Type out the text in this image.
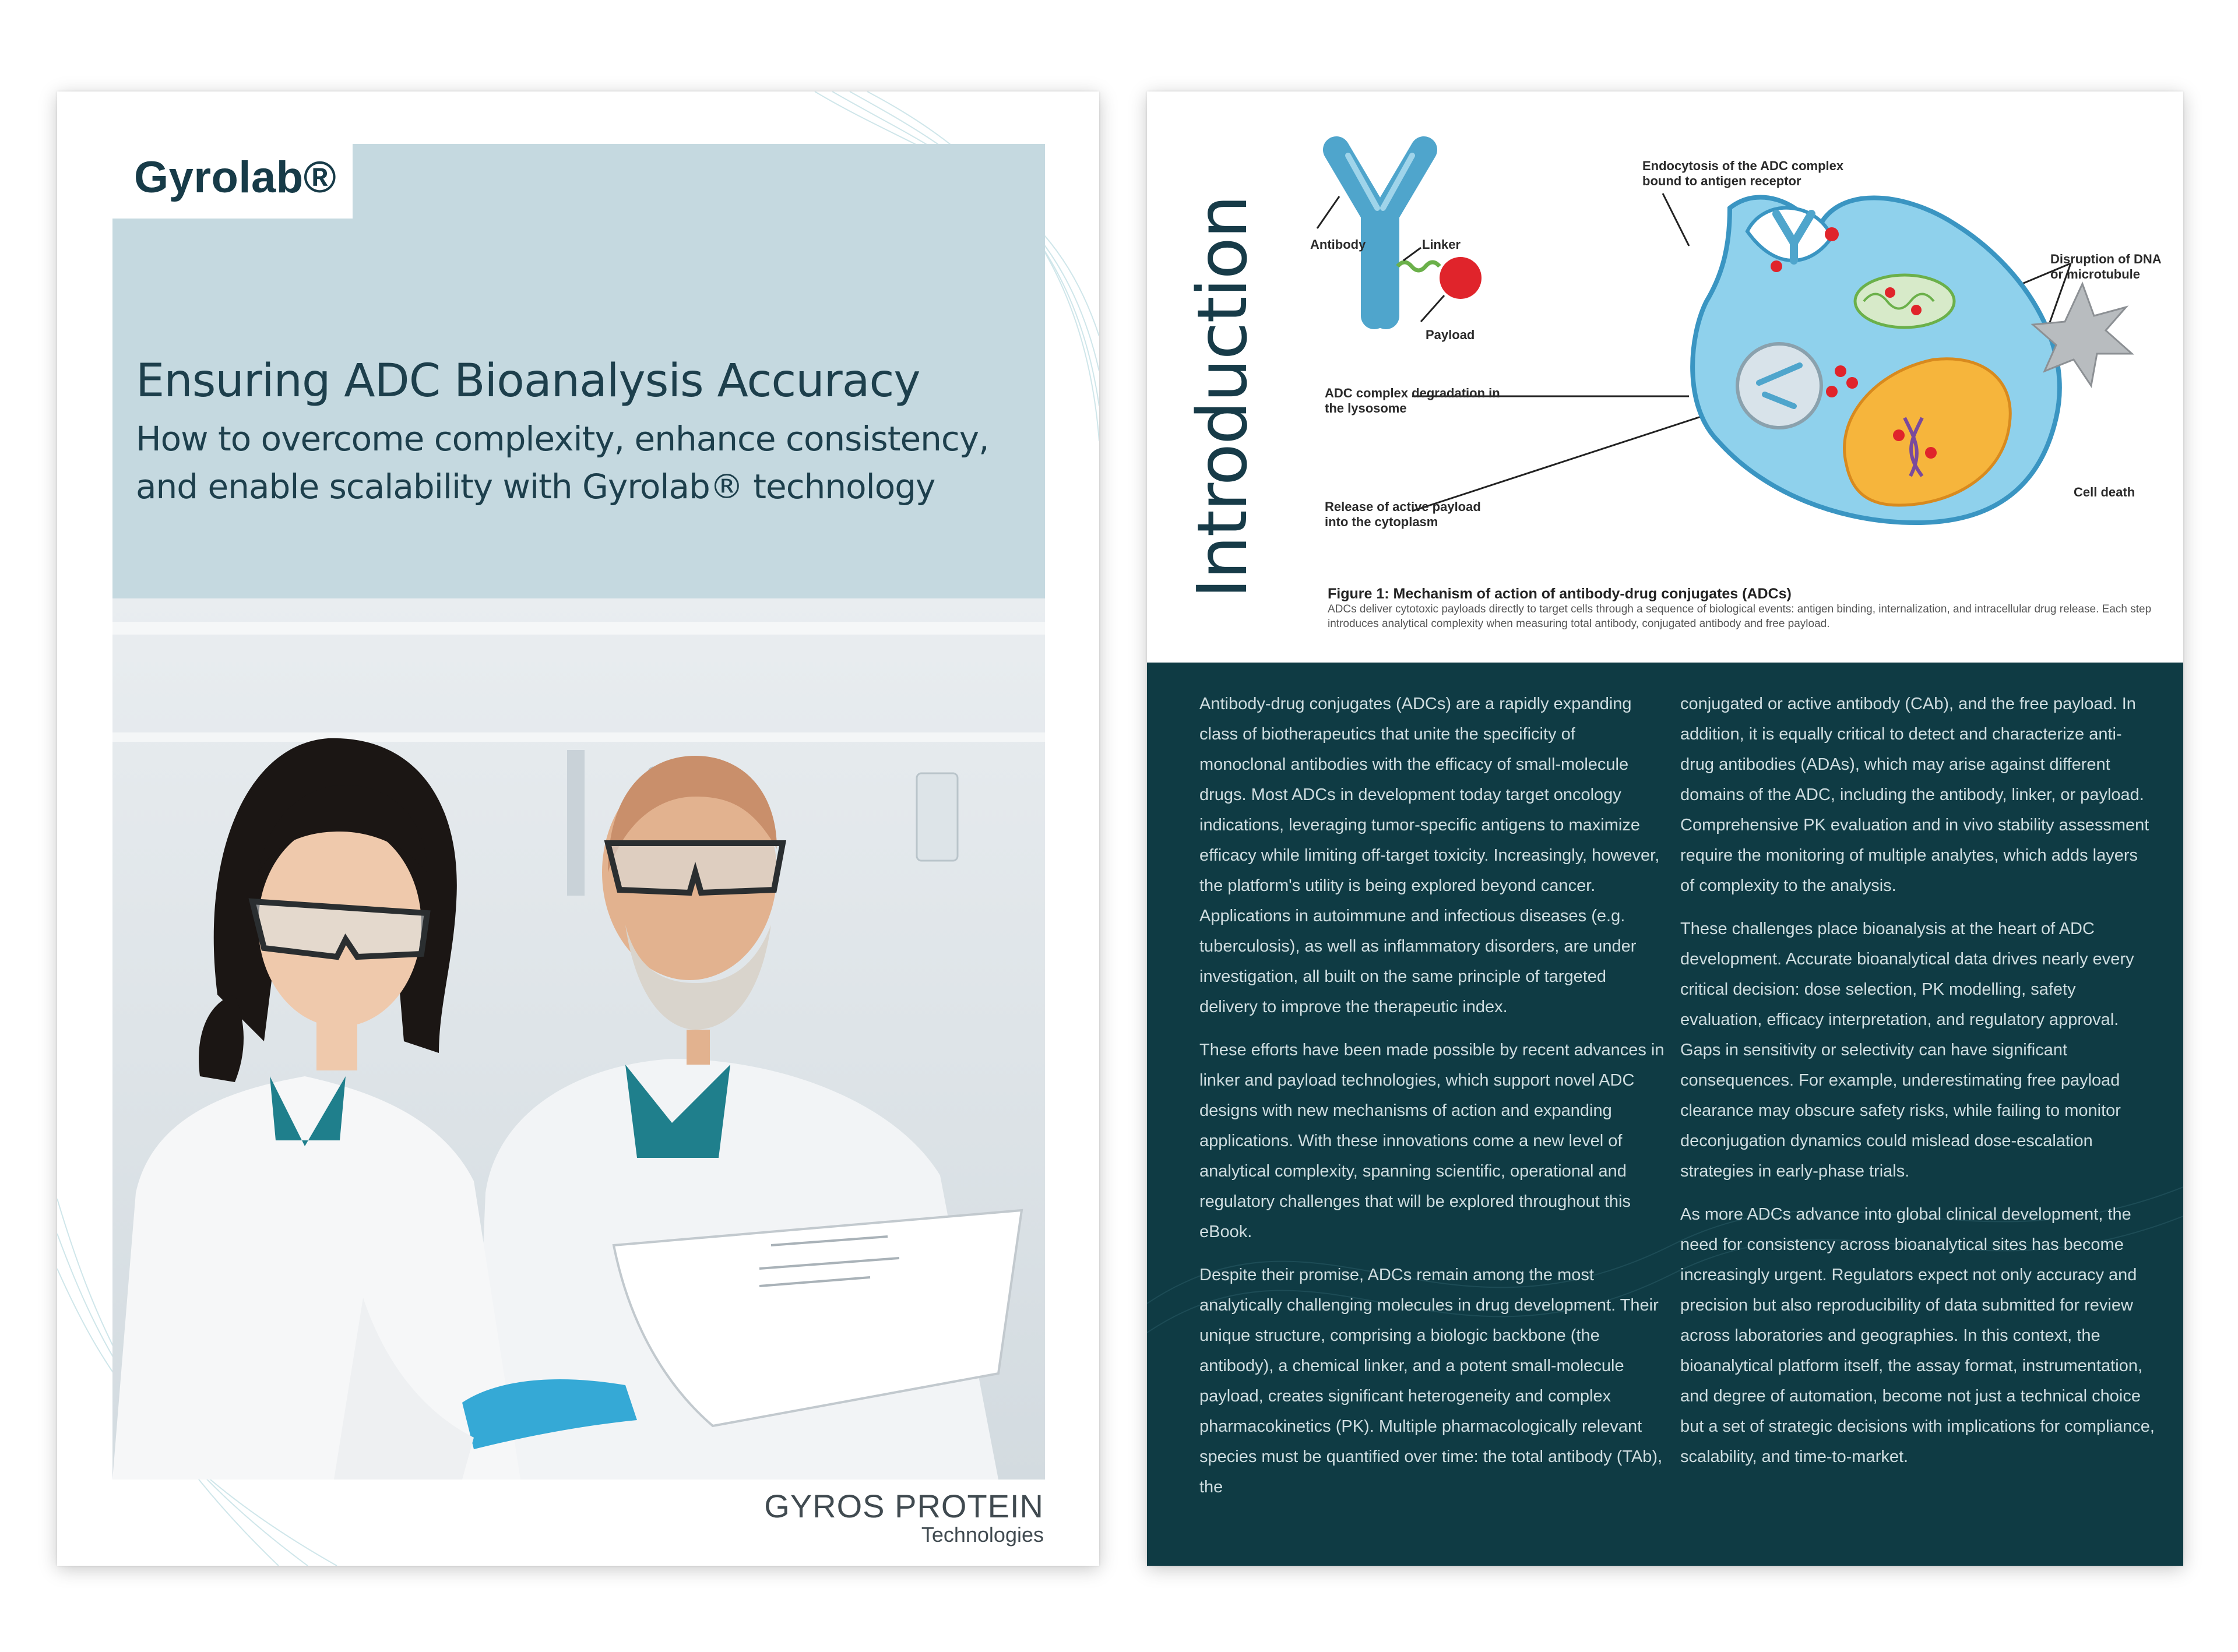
Gyrolab®
Ensuring ADC Bioanalysis Accuracy
How to overcome complexity, enhance consistency,
and enable scalability with Gyrolab® technology
GYROS PROTEIN
Technologies
Introduction	Antibody	Linker
Payload
Endocytosis of the ADC complex bound to antigen receptor
Disruption of DNA or microtubule
ADC complex degradation in the lysosome
Release of active payload into the cytoplasm
Cell death
Figure 1: Mechanism of action of antibody-drug conjugates (ADCs)
ADCs deliver cytotoxic payloads directly to target cells through a sequence of biological events: antigen binding, internalization, and intracellular drug release. Each step introduces analytical complexity when measuring total antibody, conjugated antibody and free payload.

Antibody-drug conjugates (ADCs) are a rapidly expanding class of biotherapeutics that unite the specificity of monoclonal antibodies with the efficacy of small-molecule drugs. Most ADCs in development today target oncology indications, leveraging tumor-specific antigens to maximize efficacy while limiting off-target toxicity. Increasingly, however, the platform's utility is being explored beyond cancer. Applications in autoimmune and infectious diseases (e.g. tuberculosis), as well as inflammatory disorders, are under investigation, all built on the same principle of targeted delivery to improve the therapeutic index.

These efforts have been made possible by recent advances in linker and payload technologies, which support novel ADC designs with new mechanisms of action and expanding applications. With these innovations come a new level of analytical complexity, spanning scientific, operational and regulatory challenges that will be explored throughout this eBook.

Despite their promise, ADCs remain among the most analytically challenging molecules in drug development. Their unique structure, comprising a biologic backbone (the antibody), a chemical linker, and a potent small-molecule payload, creates significant heterogeneity and complex pharmacokinetics (PK). Multiple pharmacologically relevant species must be quantified over time: the total antibody (TAb), the

conjugated or active antibody (CAb), and the free payload. In addition, it is equally critical to detect and characterize anti-drug antibodies (ADAs), which may arise against different domains of the ADC, including the antibody, linker, or payload. Comprehensive PK evaluation and in vivo stability assessment require the monitoring of multiple analytes, which adds layers of complexity to the analysis.

These challenges place bioanalysis at the heart of ADC development. Accurate bioanalytical data drives nearly every critical decision: dose selection, PK modelling, safety evaluation, efficacy interpretation, and regulatory approval. Gaps in sensitivity or selectivity can have significant consequences. For example, underestimating free payload clearance may obscure safety risks, while failing to monitor deconjugation dynamics could mislead dose-escalation strategies in early-phase trials.

As more ADCs advance into global clinical development, the need for consistency across bioanalytical sites has become increasingly urgent. Regulators expect not only accuracy and precision but also reproducibility of data submitted for review across laboratories and geographies. In this context, the bioanalytical platform itself, the assay format, instrumentation, and degree of automation, become not just a technical choice but a set of strategic decisions with implications for compliance, scalability, and time-to-market.
